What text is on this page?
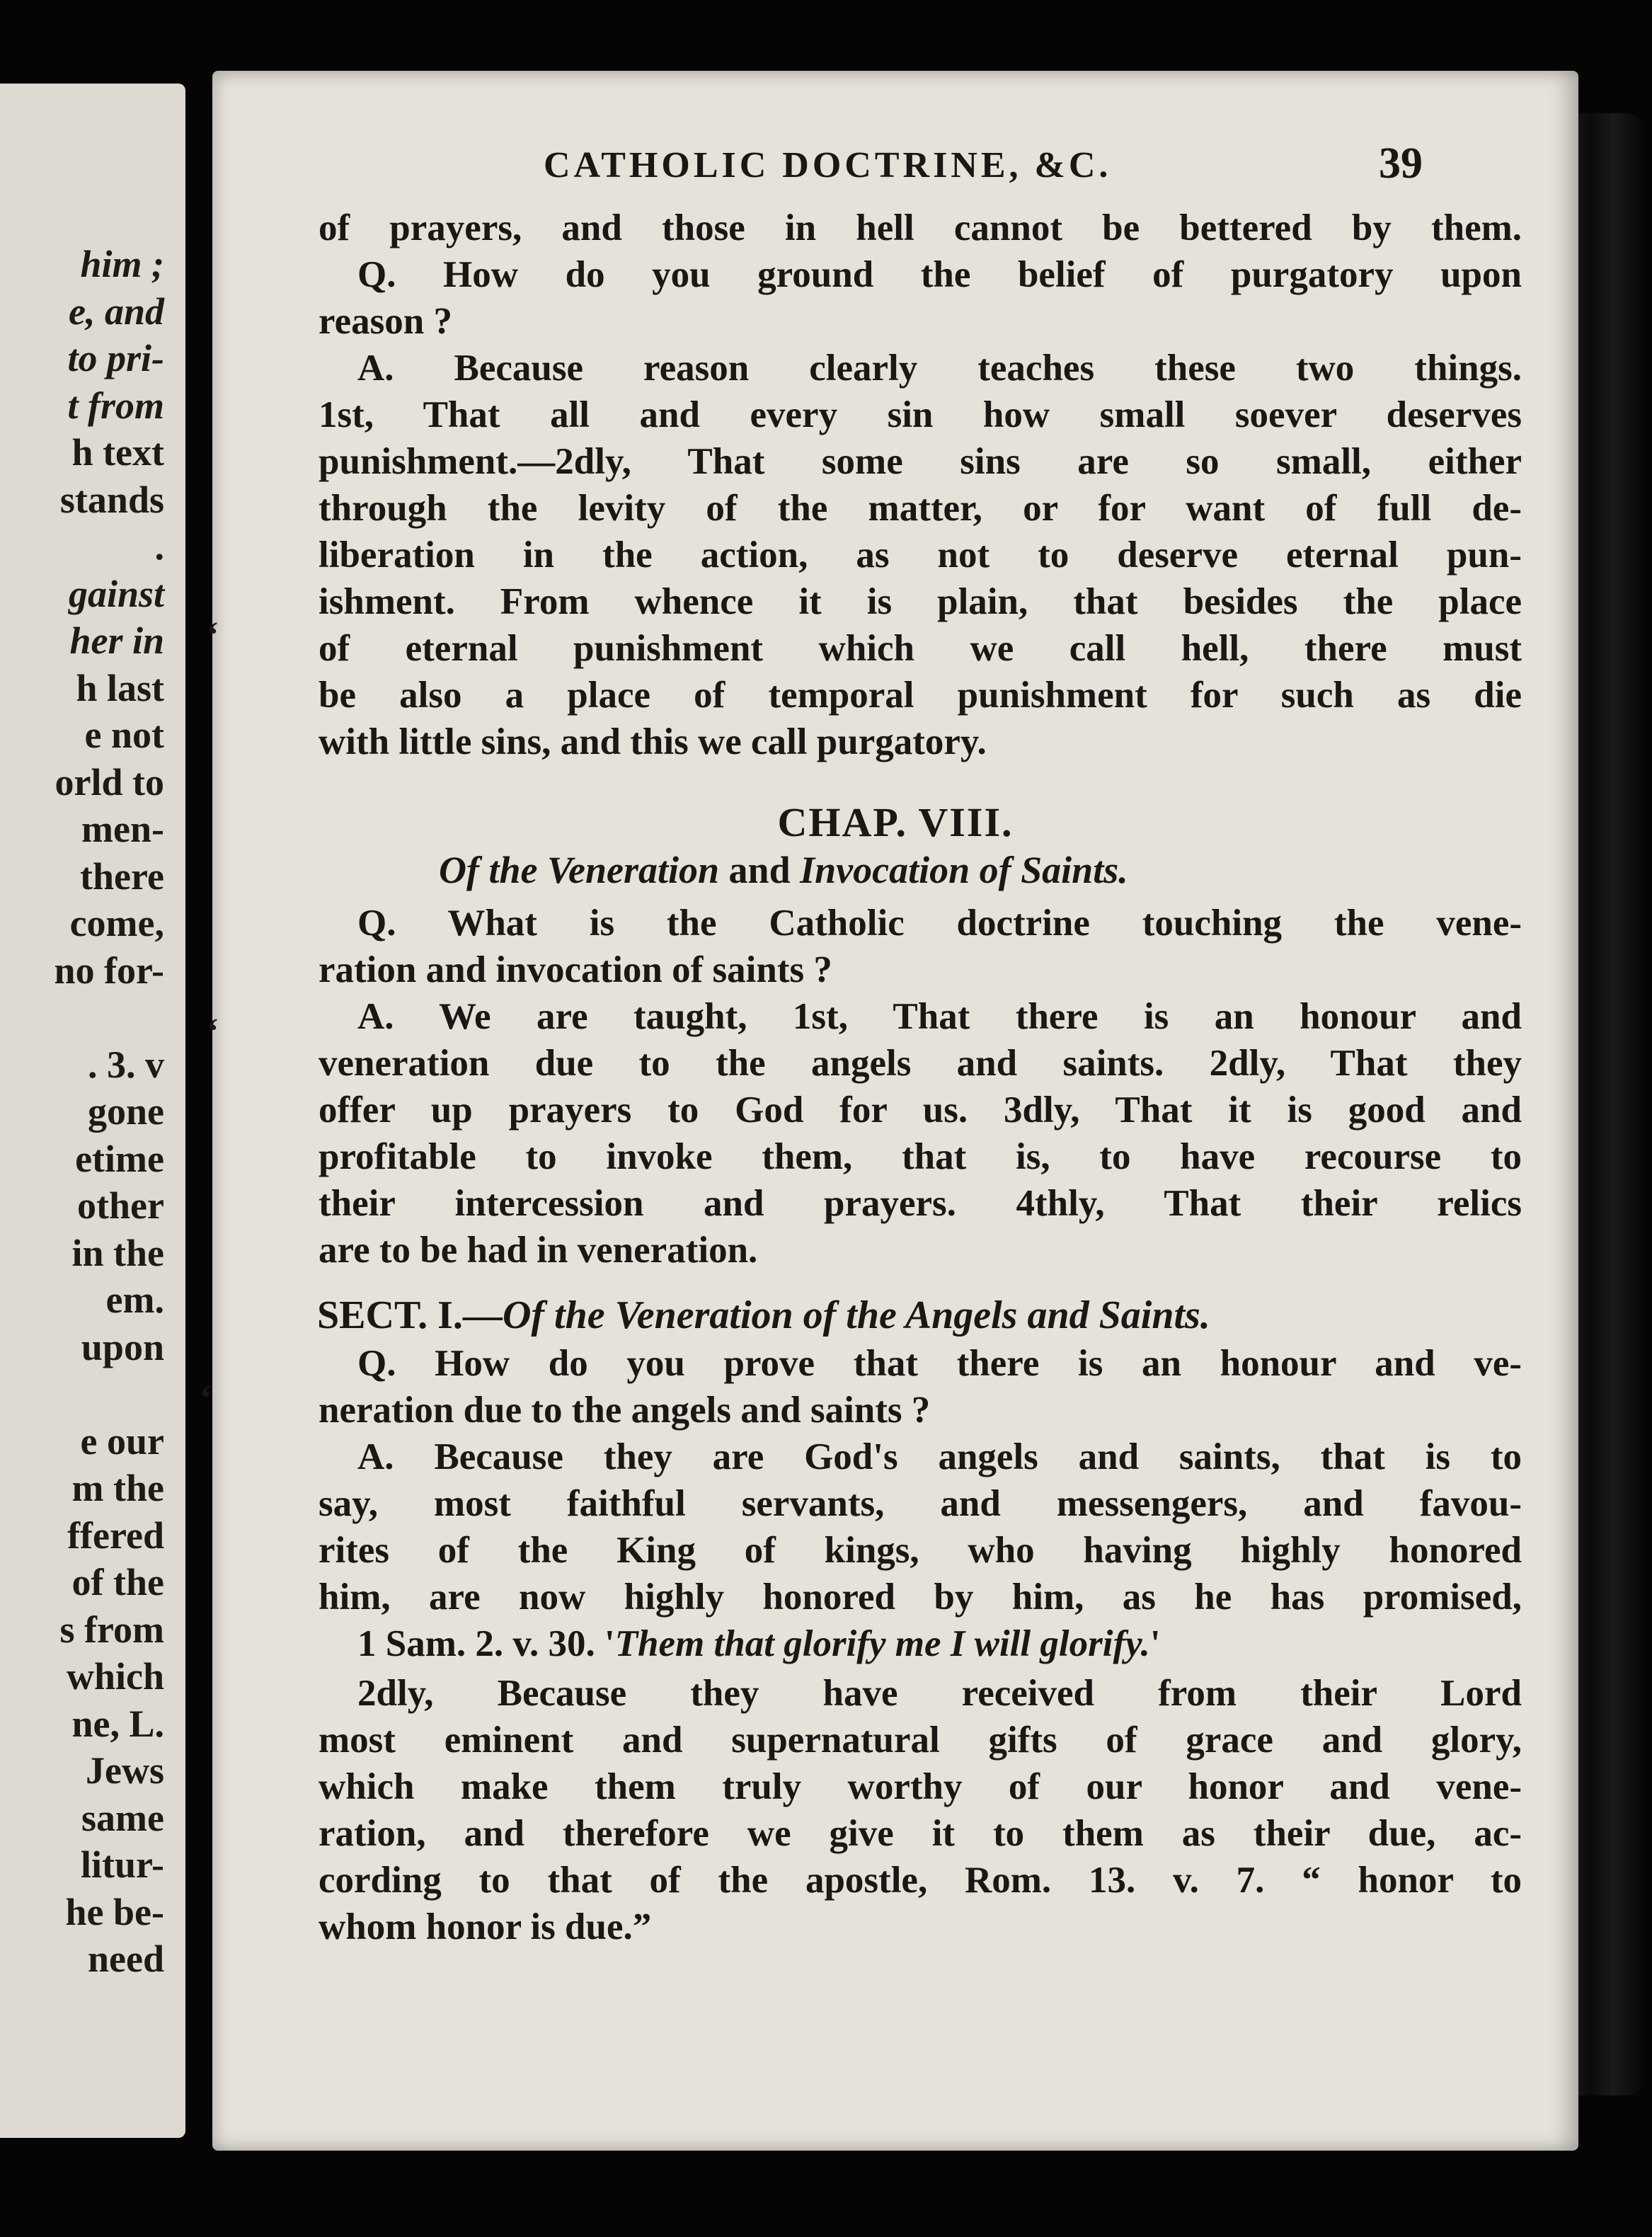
him ;
e, and
to pri-
t from
h text
stands
.
gainst
her in
h last
e not
orld to
men-
there
come,
no for-
. 3. v
gone
etime
other
in the
em.
upon
e our
m the
ffered
of the
s from
which
ne, L.
Jews
same
litur-
he be-
need
CATHOLIC DOCTRINE, &C.	39
CHAP. VIII.
Of the Veneration and Invocation of Saints.
SECT. I.—Of the Veneration of the Angels and Saints.
1 Sam. 2. v. 30. 'Them that glorify me I will glorify.'
‘
‘
‘
of prayers, and those in hell cannot be bettered by them.
Q. How do you ground the belief of purgatory upon
reason ?
A. Because reason clearly teaches these two things.
1st, That all and every sin how small soever deserves
punishment.—2dly, That some sins are so small, either
through the levity of the matter, or for want of full de-
liberation in the action, as not to deserve eternal pun-
ishment. From whence it is plain, that besides the place
of eternal punishment which we call hell, there must
be also a place of temporal punishment for such as die
with little sins, and this we call purgatory.
Q. What is the Catholic doctrine touching the vene-
ration and invocation of saints ?
A. We are taught, 1st, That there is an honour and
veneration due to the angels and saints. 2dly, That they
offer up prayers to God for us. 3dly, That it is good and
profitable to invoke them, that is, to have recourse to
their intercession and prayers. 4thly, That their relics
are to be had in veneration.
Q. How do you prove that there is an honour and ve-
neration due to the angels and saints ?
A. Because they are God's angels and saints, that is to
say, most faithful servants, and messengers, and favou-
rites of the King of kings, who having highly honored
him, are now highly honored by him, as he has promised,
2dly, Because they have received from their Lord
most eminent and supernatural gifts of grace and glory,
which make them truly worthy of our honor and vene-
ration, and therefore we give it to them as their due, ac-
cording to that of the apostle, Rom. 13. v. 7. “ honor to
whom honor is due.”
